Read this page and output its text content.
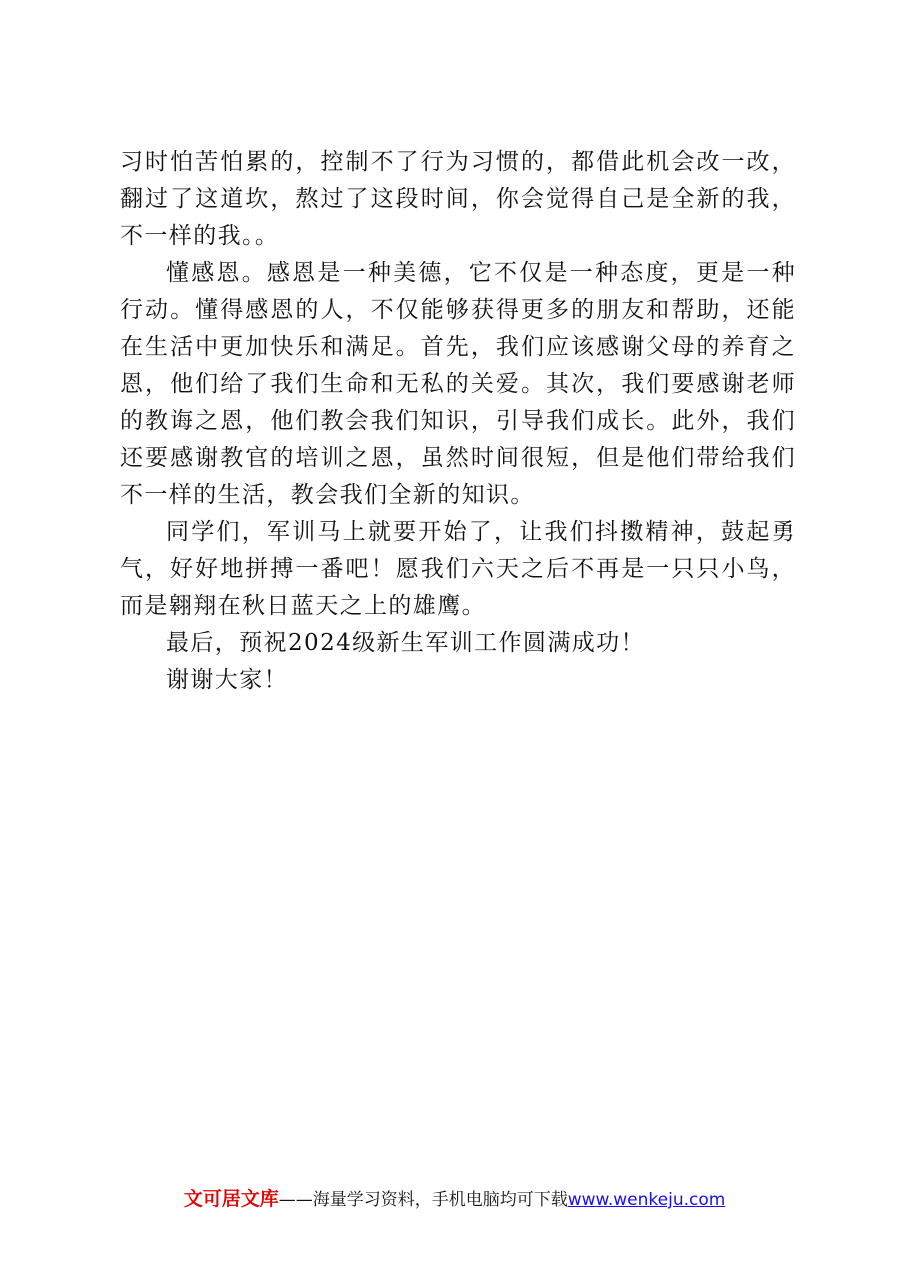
习时怕苦怕累的，控制不了行为习惯的，都借此机会改一改，翻过了这道坎，熬过了这段时间，你会觉得自己是全新的我，不一样的我。。

懂感恩。感恩是一种美德，它不仅是一种态度，更是一种行动。懂得感恩的人，不仅能够获得更多的朋友和帮助，还能在生活中更加快乐和满足。首先，我们应该感谢父母的养育之恩，他们给了我们生命和无私的关爱。其次，我们要感谢老师的教诲之恩，他们教会我们知识，引导我们成长。此外，我们还要感谢教官的培训之恩，虽然时间很短，但是他们带给我们不一样的生活，教会我们全新的知识。

同学们，军训马上就要开始了，让我们抖擞精神，鼓起勇气，好好地拼搏一番吧！愿我们六天之后不再是一只只小鸟，而是翱翔在秋日蓝天之上的雄鹰。

最后，预祝2024级新生军训工作圆满成功！

谢谢大家！

文可居文库——海量学习资料，手机电脑均可下载www.wenkeju.com
